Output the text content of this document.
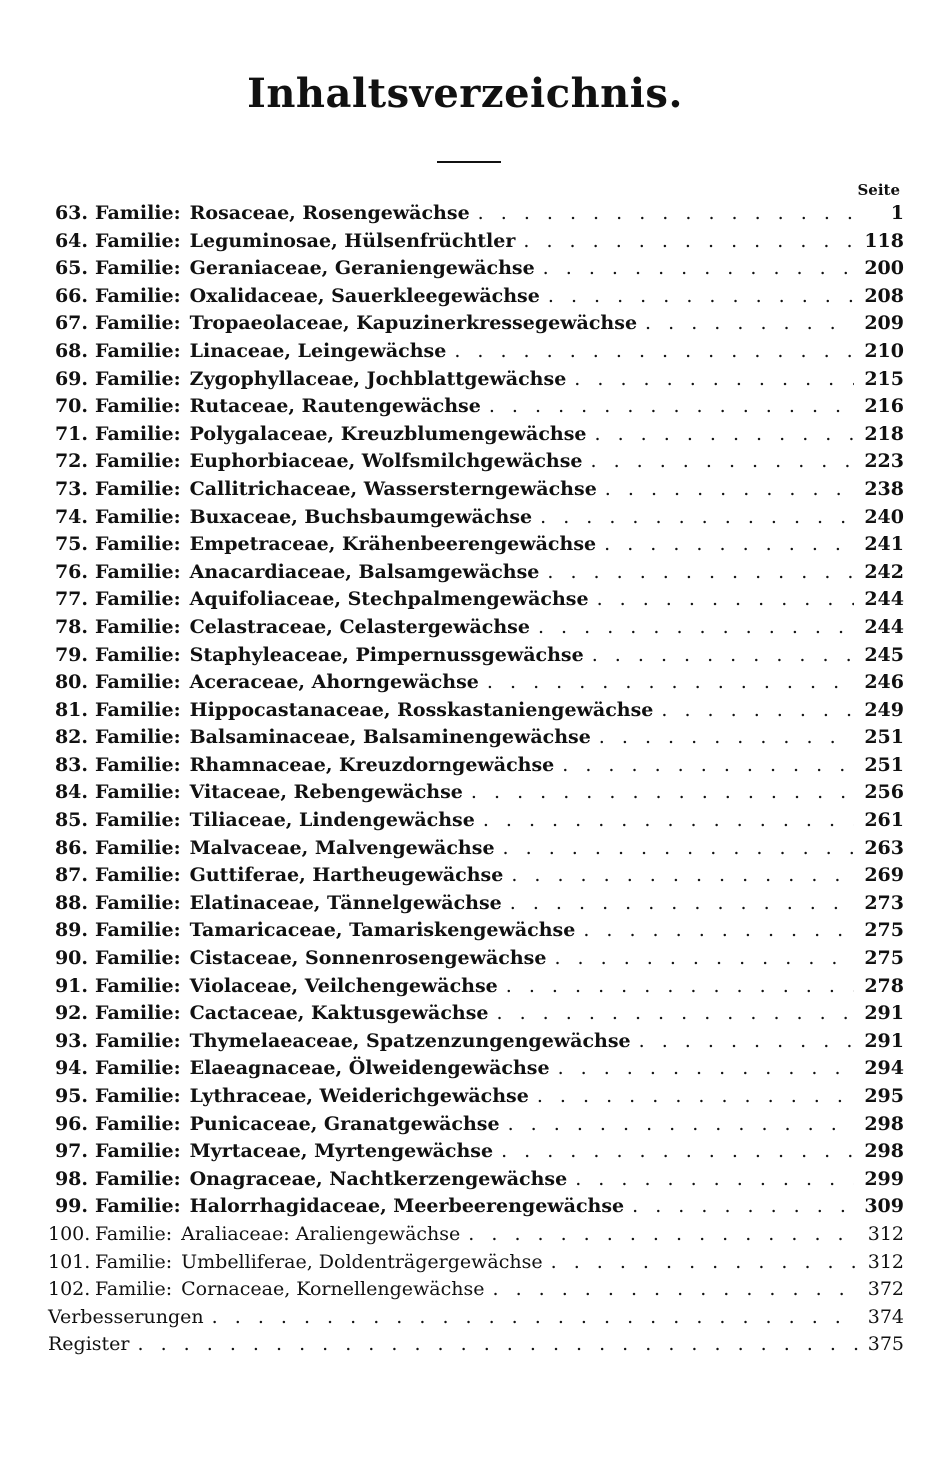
Inhaltsverzeichnis.
Seite
63. Familie: Rosaceae, Rosengewächse . . .	1
64. Familie: Leguminosae, Hülsenfrüchtler . . .	118
65. Familie: Geraniaceae, Geraniengewächse . . .	200
66. Familie: Oxalidaceae, Sauerkleegewächse . . .	208
67. Familie: Tropaeolaceae, Kapuzinerkressegewächse . . .	209
68. Familie: Linaceae, Leingewächse . . .	210
69. Familie: Zygophyllaceae, Jochblattgewächse . . .	215
70. Familie: Rutaceae, Rautengewächse . . .	216
71. Familie: Polygalaceae, Kreuzblumengewächse . . .	218
72. Familie: Euphorbiaceae, Wolfsmilchgewächse . . .	223
73. Familie: Callitrichaceae, Wassersterngewächse . . .	238
74. Familie: Buxaceae, Buchsbaumgewächse . . .	240
75. Familie: Empetraceae, Krähenbeerengewächse . . .	241
76. Familie: Anacardiaceae, Balsamgewächse . . .	242
77. Familie: Aquifoliaceae, Stechpalmengewächse . . .	244
78. Familie: Celastraceae, Celastergewächse . . .	244
79. Familie: Staphyleaceae, Pimpernussgewächse . . .	245
80. Familie: Aceraceae, Ahorngewächse . . .	246
81. Familie: Hippocastanaceae, Rosskastaniengewächse . . .	249
82. Familie: Balsaminaceae, Balsaminengewächse . . .	251
83. Familie: Rhamnaceae, Kreuzdorngewächse . . .	251
84. Familie: Vitaceae, Rebengewächse . . .	256
85. Familie: Tiliaceae, Lindengewächse . . .	261
86. Familie: Malvaceae, Malvengewächse . . .	263
87. Familie: Guttiferae, Hartheugewächse . . .	269
88. Familie: Elatinaceae, Tännelgewächse . . .	273
89. Familie: Tamaricaceae, Tamariskengewächse . . .	275
90. Familie: Cistaceae, Sonnenrosengewächse . . .	275
91. Familie: Violaceae, Veilchengewächse . . .	278
92. Familie: Cactaceae, Kaktusgewächse . . .	291
93. Familie: Thymelaeaceae, Spatzenzungengewächse . . .	291
94. Familie: Elaeagnaceae, Ölweidengewächse . . .	294
95. Familie: Lythraceae, Weiderichgewächse . . .	295
96. Familie: Punicaceae, Granatgewächse . . .	298
97. Familie: Myrtaceae, Myrtengewächse . . .	298
98. Familie: Onagraceae, Nachtkerzengewächse . . .	299
99. Familie: Halorrhagidaceae, Meerbeerengewächse . . .	309
100. Familie: Araliaceae: Araliengewächse . . .	312
101. Familie: Umbelliferae, Doldenträgergewächse . . .	312
102. Familie: Cornaceae, Kornellengewächse . . .	372
Verbesserungen . . .	374
Register . . .	375
